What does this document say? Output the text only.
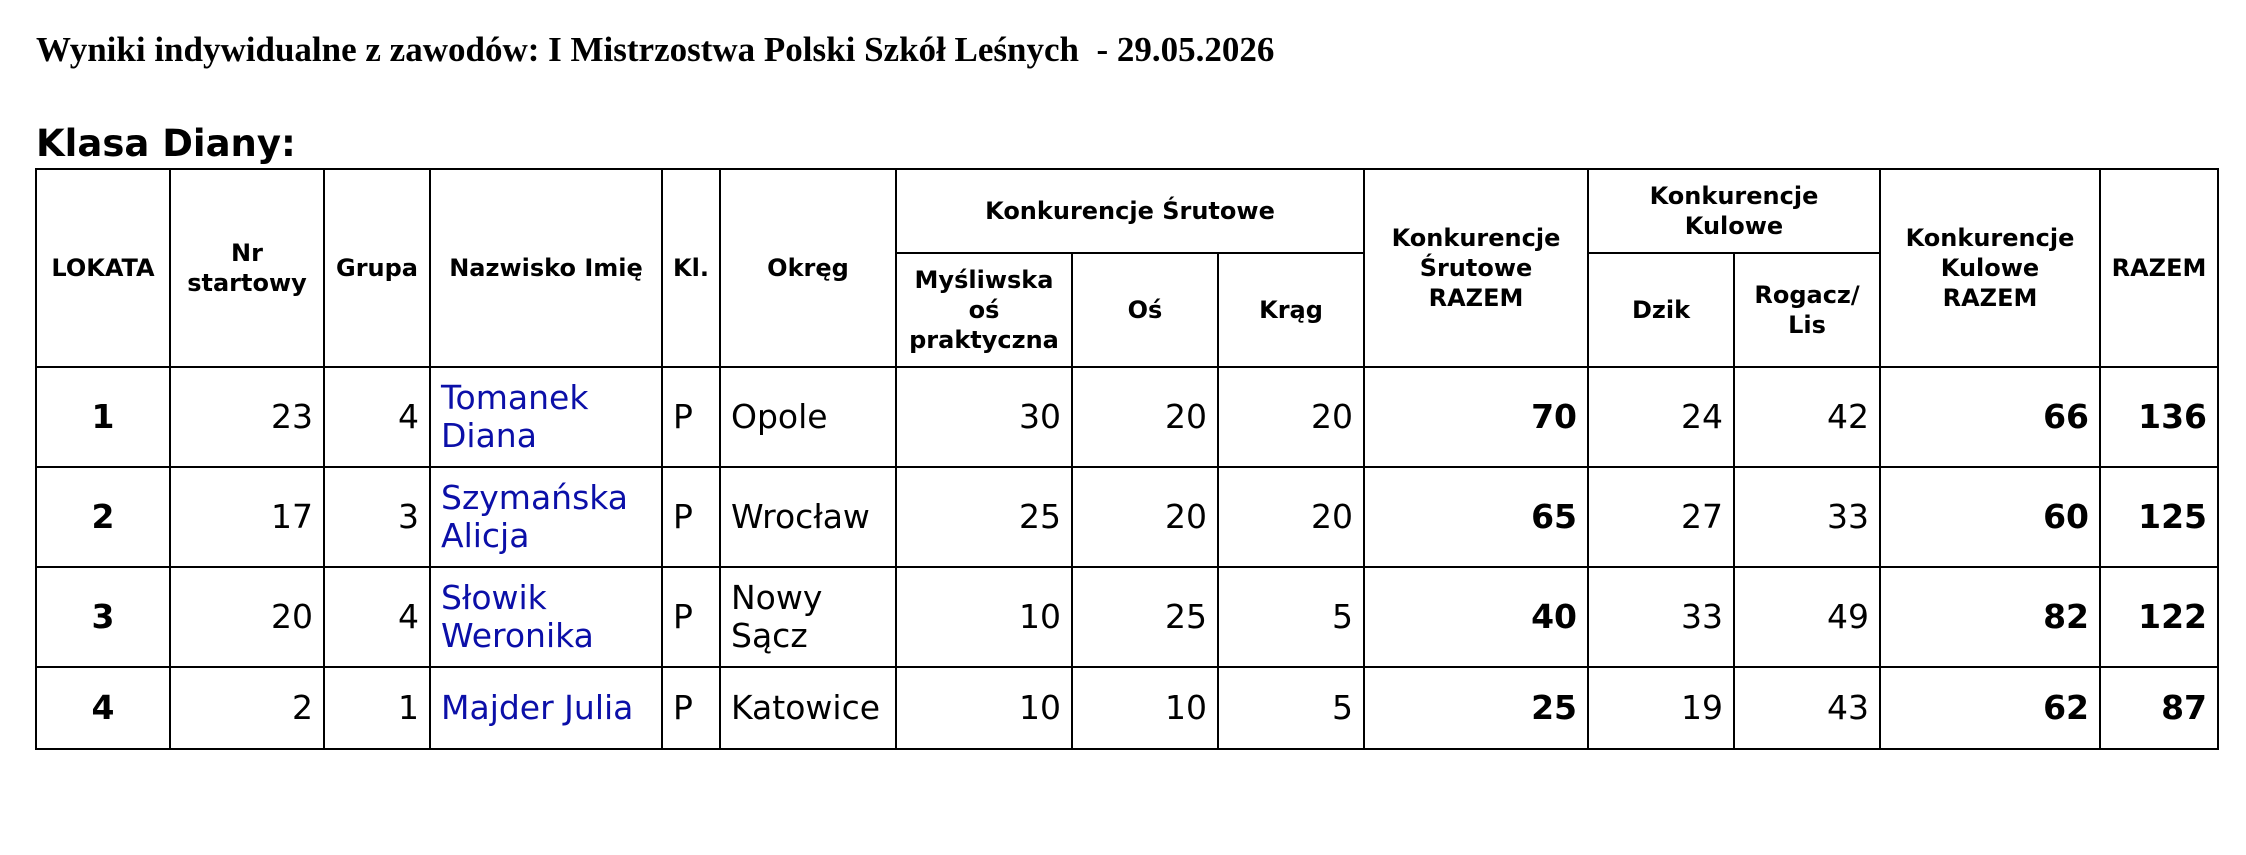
Wyniki indywidualne z zawodów: I Mistrzostwa Polski Szkół Leśnych  - 29.05.2026
Klasa Diany:
LOKATA	Nr startowy	Grupa	Nazwisko Imię	Kl.	Okręg	Konkurencje Śrutowe			Konkurencje Śrutowe RAZEM	Konkurencje Kulowe		Konkurencje Kulowe RAZEM	RAZEM
						Myśliwska oś praktyczna	Oś	Krąg		Dzik	Rogacz/ Lis		
1	23	4	Tomanek Diana	P	Opole	30	20	20	70	24	42	66	136
2	17	3	Szymańska Alicja	P	Wrocław	25	20	20	65	27	33	60	125
3	20	4	Słowik Weronika	P	Nowy Sącz	10	25	5	40	33	49	82	122
4	2	1	Majder Julia	P	Katowice	10	10	5	25	19	43	62	87
